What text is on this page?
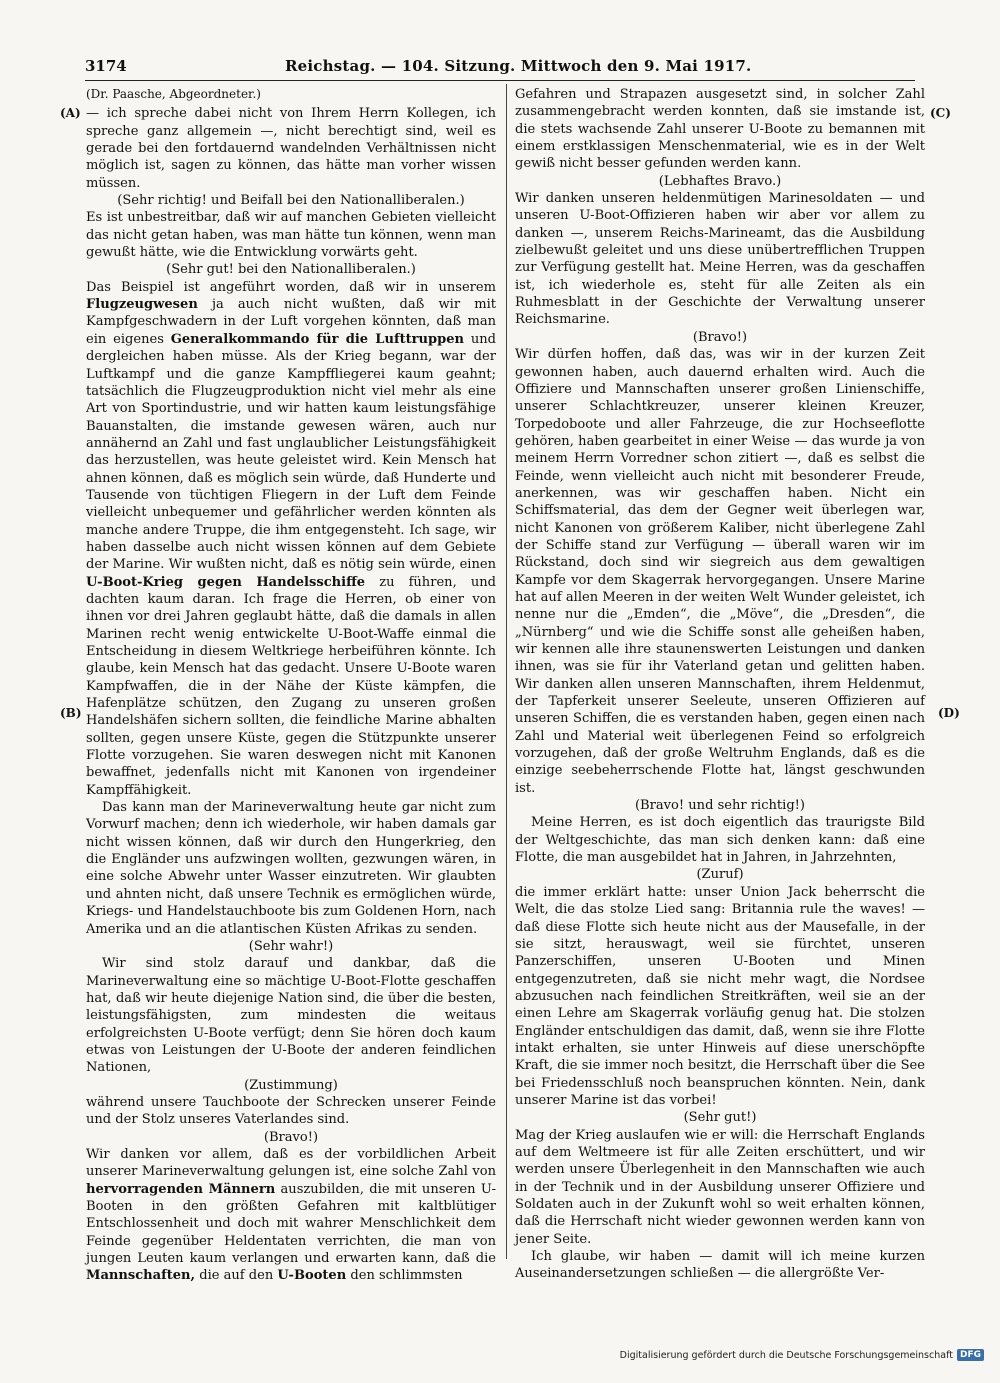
3174	Reichstag. — 104. Sitzung. Mittwoch den 9. Mai 1917.
(A)
(B)
(C)
(D)

(Dr. Paasche, Abgeordneter.)

— ich spreche dabei nicht von Ihrem Herrn Kollegen, ich spreche ganz allgemein —, nicht berechtigt sind, weil es gerade bei den fortdauernd wandelnden Verhältnissen nicht möglich ist, sagen zu können, das hätte man vorher wissen müssen.

(Sehr richtig! und Beifall bei den Nationalliberalen.)

Es ist unbestreitbar, daß wir auf manchen Gebieten vielleicht das nicht getan haben, was man hätte tun können, wenn man gewußt hätte, wie die Entwicklung vorwärts geht.

(Sehr gut! bei den Nationalliberalen.)

Das Beispiel ist angeführt worden, daß wir in unserem Flugzeugwesen ja auch nicht wußten, daß wir mit Kampfgeschwadern in der Luft vorgehen könnten, daß man ein eigenes Generalkommando für die Lufttruppen und dergleichen haben müsse. Als der Krieg begann, war der Luftkampf und die ganze Kampffliegerei kaum geahnt; tatsächlich die Flugzeugproduktion nicht viel mehr als eine Art von Sportindustrie, und wir hatten kaum leistungsfähige Bauanstalten, die imstande gewesen wären, auch nur annähernd an Zahl und fast unglaublicher Leistungsfähigkeit das herzustellen, was heute geleistet wird. Kein Mensch hat ahnen können, daß es möglich sein würde, daß Hunderte und Tausende von tüchtigen Fliegern in der Luft dem Feinde vielleicht unbequemer und gefährlicher werden könnten als manche andere Truppe, die ihm entgegensteht. Ich sage, wir haben dasselbe auch nicht wissen können auf dem Gebiete der Marine. Wir wußten nicht, daß es nötig sein würde, einen U-Boot-Krieg gegen Handelsschiffe zu führen, und dachten kaum daran. Ich frage die Herren, ob einer von ihnen vor drei Jahren geglaubt hätte, daß die damals in allen Marinen recht wenig entwickelte U-Boot-Waffe einmal die Entscheidung in diesem Weltkriege herbeiführen könnte. Ich glaube, kein Mensch hat das gedacht. Unsere U-Boote waren Kampfwaffen, die in der Nähe der Küste kämpfen, die Hafenplätze schützen, den Zugang zu unseren großen Handelshäfen sichern sollten, die feindliche Marine abhalten sollten, gegen unsere Küste, gegen die Stützpunkte unserer Flotte vorzugehen. Sie waren deswegen nicht mit Kanonen bewaffnet, jedenfalls nicht mit Kanonen von irgendeiner Kampffähigkeit.

Das kann man der Marineverwaltung heute gar nicht zum Vorwurf machen; denn ich wiederhole, wir haben damals gar nicht wissen können, daß wir durch den Hungerkrieg, den die Engländer uns aufzwingen wollten, gezwungen wären, in eine solche Abwehr unter Wasser einzutreten. Wir glaubten und ahnten nicht, daß unsere Technik es ermöglichen würde, Kriegs- und Handelstauchboote bis zum Goldenen Horn, nach Amerika und an die atlantischen Küsten Afrikas zu senden.

(Sehr wahr!)

Wir sind stolz darauf und dankbar, daß die Marineverwaltung eine so mächtige U-Boot-Flotte geschaffen hat, daß wir heute diejenige Nation sind, die über die besten, leistungsfähigsten, zum mindesten die weitaus erfolgreichsten U-Boote verfügt; denn Sie hören doch kaum etwas von Leistungen der U-Boote der anderen feindlichen Nationen,

(Zustimmung)

während unsere Tauchboote der Schrecken unserer Feinde und der Stolz unseres Vaterlandes sind.

(Bravo!)

Wir danken vor allem, daß es der vorbildlichen Arbeit unserer Marineverwaltung gelungen ist, eine solche Zahl von hervorragenden Männern auszubilden, die mit unseren U-Booten in den größten Gefahren mit kaltblütiger Entschlossenheit und doch mit wahrer Menschlichkeit dem Feinde gegenüber Heldentaten verrichten, die man von jungen Leuten kaum verlangen und erwarten kann, daß die Mannschaften, die auf den U-Booten den schlimmsten

Gefahren und Strapazen ausgesetzt sind, in solcher Zahl zusammengebracht werden konnten, daß sie imstande ist, die stets wachsende Zahl unserer U-Boote zu bemannen mit einem erstklassigen Menschenmaterial, wie es in der Welt gewiß nicht besser gefunden werden kann.

(Lebhaftes Bravo.)

Wir danken unseren heldenmütigen Marinesoldaten — und unseren U-Boot-Offizieren haben wir aber vor allem zu danken —, unserem Reichs-Marineamt, das die Ausbildung zielbewußt geleitet und uns diese unübertrefflichen Truppen zur Verfügung gestellt hat. Meine Herren, was da geschaffen ist, ich wiederhole es, steht für alle Zeiten als ein Ruhmesblatt in der Geschichte der Verwaltung unserer Reichsmarine.

(Bravo!)

Wir dürfen hoffen, daß das, was wir in der kurzen Zeit gewonnen haben, auch dauernd erhalten wird. Auch die Offiziere und Mannschaften unserer großen Linienschiffe, unserer Schlachtkreuzer, unserer kleinen Kreuzer, Torpedoboote und aller Fahrzeuge, die zur Hochseeflotte gehören, haben gearbeitet in einer Weise — das wurde ja von meinem Herrn Vorredner schon zitiert —, daß es selbst die Feinde, wenn vielleicht auch nicht mit besonderer Freude, anerkennen, was wir geschaffen haben. Nicht ein Schiffsmaterial, das dem der Gegner weit überlegen war, nicht Kanonen von größerem Kaliber, nicht überlegene Zahl der Schiffe stand zur Verfügung — überall waren wir im Rückstand, doch sind wir siegreich aus dem gewaltigen Kampfe vor dem Skagerrak hervorgegangen. Unsere Marine hat auf allen Meeren in der weiten Welt Wunder geleistet, ich nenne nur die „Emden“, die „Möve“, die „Dresden“, die „Nürnberg“ und wie die Schiffe sonst alle geheißen haben, wir kennen alle ihre staunenswerten Leistungen und danken ihnen, was sie für ihr Vaterland getan und gelitten haben. Wir danken allen unseren Mannschaften, ihrem Heldenmut, der Tapferkeit unserer Seeleute, unseren Offizieren auf unseren Schiffen, die es verstanden haben, gegen einen nach Zahl und Material weit überlegenen Feind so erfolgreich vorzugehen, daß der große Weltruhm Englands, daß es die einzige seebeherrschende Flotte hat, längst geschwunden ist.

(Bravo! und sehr richtig!)

Meine Herren, es ist doch eigentlich das traurigste Bild der Weltgeschichte, das man sich denken kann: daß eine Flotte, die man ausgebildet hat in Jahren, in Jahrzehnten,

(Zuruf)

die immer erklärt hatte: unser Union Jack beherrscht die Welt, die das stolze Lied sang: Britannia rule the waves! — daß diese Flotte sich heute nicht aus der Mausefalle, in der sie sitzt, herauswagt, weil sie fürchtet, unseren Panzerschiffen, unseren U-Booten und Minen entgegenzutreten, daß sie nicht mehr wagt, die Nordsee abzusuchen nach feindlichen Streitkräften, weil sie an der einen Lehre am Skagerrak vorläufig genug hat. Die stolzen Engländer entschuldigen das damit, daß, wenn sie ihre Flotte intakt erhalten, sie unter Hinweis auf diese unerschöpfte Kraft, die sie immer noch besitzt, die Herrschaft über die See bei Friedensschluß noch beanspruchen könnten. Nein, dank unserer Marine ist das vorbei!

(Sehr gut!)

Mag der Krieg auslaufen wie er will: die Herrschaft Englands auf dem Weltmeere ist für alle Zeiten erschüttert, und wir werden unsere Überlegenheit in den Mannschaften wie auch in der Technik und in der Ausbildung unserer Offiziere und Soldaten auch in der Zukunft wohl so weit erhalten können, daß die Herrschaft nicht wieder gewonnen werden kann von jener Seite.

Ich glaube, wir haben — damit will ich meine kurzen Auseinandersetzungen schließen — die allergrößte Ver-

Digitalisierung gefördert durch die Deutsche Forschungsgemeinschaft DFG
